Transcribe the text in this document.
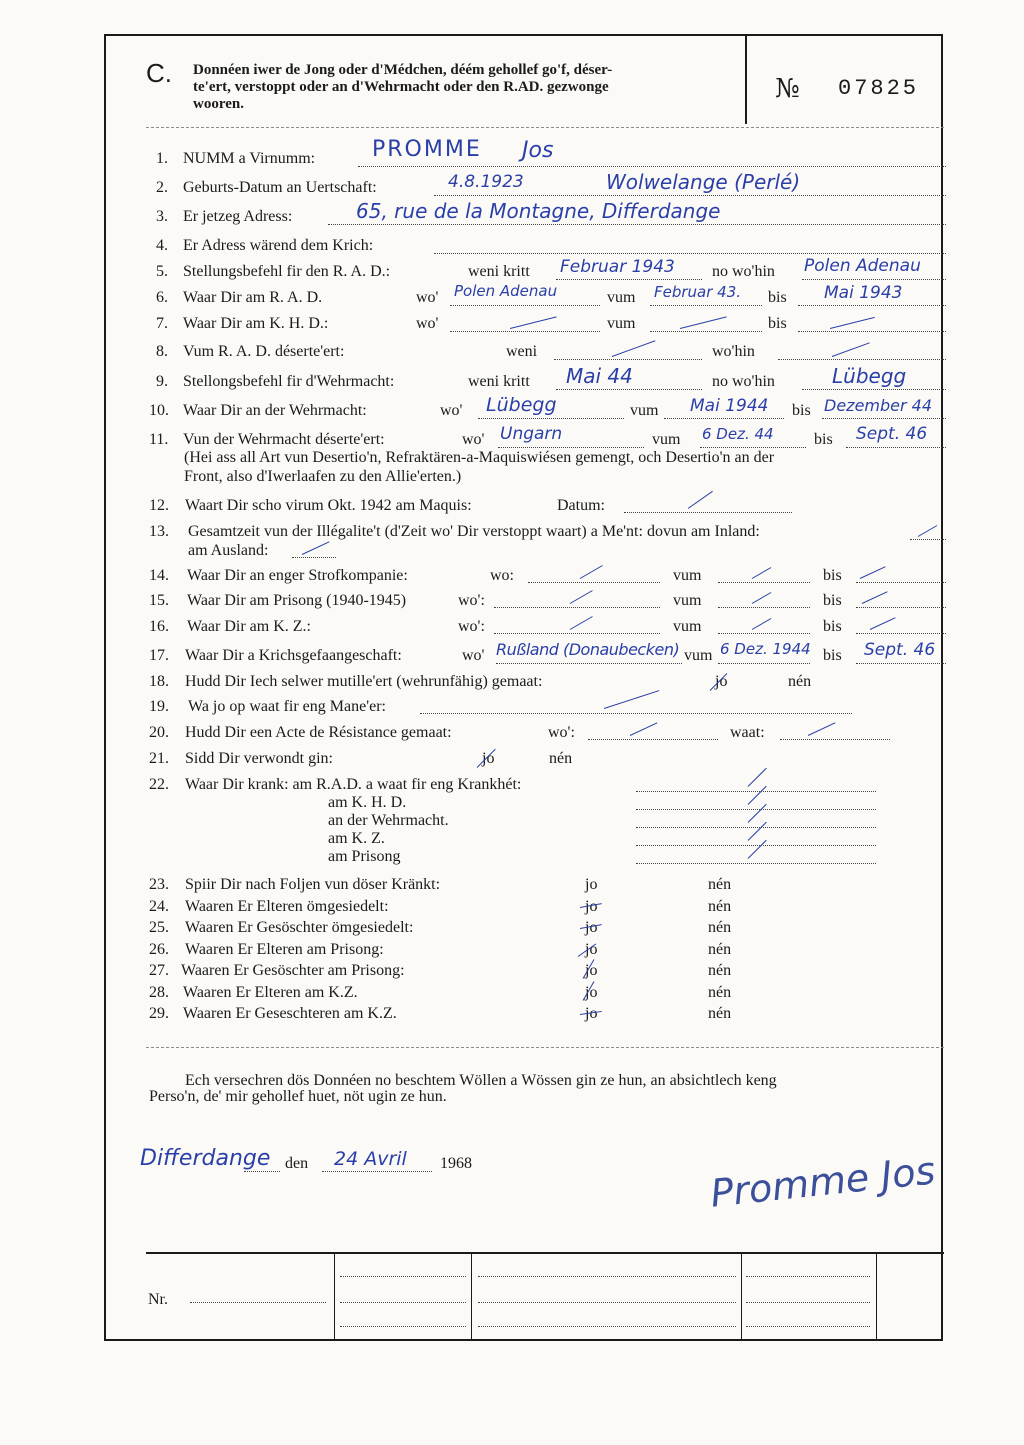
C. Donnéen iwer de Jong oder d'Médchen, déém gehollef go'f, déser-
te'ert, verstoppt oder an d'Wehrmacht oder den R.AD. gezwonge
wooren.	№ 07825
1. NUMM a Virnumm:	PROMME Jos
2. Geburts-Datum an Uertschaft:	4.8.1923	Wolwelange (Perlé)
3. Er jetzeg Adress:	65, rue de la Montagne, Differdange
4. Er Adress wärend dem Krich:
5. Stellungsbefehl fir den R. A. D.:	weni kritt Februar 1943 no wo'hin Polen Adenau
6. Waar Dir am R. A. D.	wo' Polen Adenau	vum Februar 43. bis Mai 1943
7. Waar Dir am K. H. D.:	wo'	vum	bis
8. Vum R. A. D. déserte'ert:	weni	wo'hin
9. Stellongsbefehl fir d'Wehrmacht:	weni kritt Mai 44	no wo'hin	Lübegg
10. Waar Dir an der Wehrmacht:	wo' Lübegg	vum Mai 1944 bis Dezember 44
11. Vun der Wehrmacht déserte'ert:	wo' Ungarn	vum 6 Dez. 44	bis Sept. 46
(Hei ass all Art vun Desertio'n, Refraktären-a-Maquiswiésen gemengt, och Desertio'n an der
Front, also d'Iwerlaafen zu den Allie'erten.)
12. Waart Dir scho virum Okt. 1942 am Maquis:	Datum:
13. Gesamtzeit vun der Illégalite't (d'Zeit wo' Dir verstoppt waart) a Me'nt: dovun am Inland:
am Ausland:
14. Waar Dir an enger Strofkompanie:	wo:	vum	bis
15. Waar Dir am Prisong (1940-1945)	wo':	vum	bis
16. Waar Dir am K. Z.:	wo':	vum	bis
17. Waar Dir a Krichsgefaangeschaft:	wo' Rußland (Donaubecken) vum 6 Dez. 1944 bis Sept. 46
18. Hudd Dir Iech selwer mutille'ert (wehrunfähig) gemaat:	jo	nén
19. Wa jo op waat fir eng Mane'er:
20. Hudd Dir een Acte de Résistance gemaat:	wo':	waat:
21. Sidd Dir verwondt gin:	jo	nén
22. Waar Dir krank: am R.A.D. a waat fir eng Krankhét:
am K. H. D.
an der Wehrmacht.
am K. Z.
am Prisong
23. Spiir Dir nach Foljen vun döser Kränkt:	jo	nén
24. Waaren Er Elteren ömgesiedelt:	jo	nén
25. Waaren Er Gesöschter ömgesiedelt:	jo	nén
26. Waaren Er Elteren am Prisong:	jo	nén
27. Waaren Er Gesöschter am Prisong:	jo	nén
28. Waaren Er Elteren am K.Z.	jo	nén
29. Waaren Er Geseschteren am K.Z.	jo	nén
Ech versechren dös Donnéen no beschtem Wöllen a Wössen gin ze hun, an absichtlech keng
Perso'n, de' mir gehollef huet, nöt ugin ze hun.
Differdange den 24 Avril 1968	Promme Jos
Nr.
